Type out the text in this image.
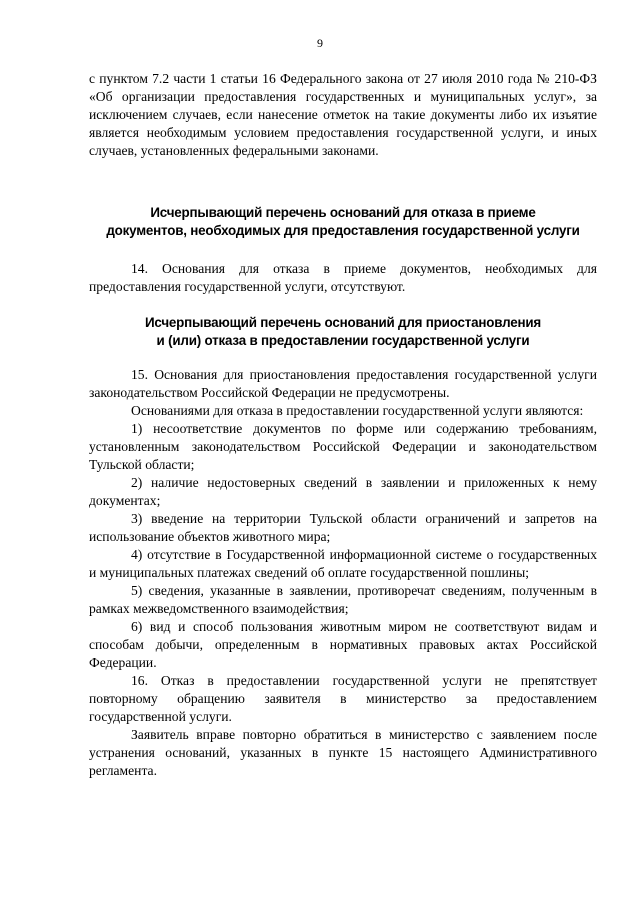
9

с пунктом 7.2 части 1 статьи 16 Федерального закона от 27 июля 2010 года № 210-ФЗ «Об организации предоставления государственных и муниципальных услуг», за исключением случаев, если нанесение отметок на такие документы либо их изъятие является необходимым условием предоставления государственной услуги, и иных случаев, установленных федеральными законами.

Исчерпывающий перечень оснований для отказа в приеме
документов, необходимых для предоставления государственной услуги

14. Основания для отказа в приеме документов, необходимых для предоставления государственной услуги, отсутствуют.

Исчерпывающий перечень оснований для приостановления
и (или) отказа в предоставлении государственной услуги

15. Основания для приостановления предоставления государственной услуги законодательством Российской Федерации не предусмотрены.

Основаниями для отказа в предоставлении государственной услуги являются:

1) несоответствие документов по форме или содержанию требованиям, установленным законодательством Российской Федерации и законодательством Тульской области;

2) наличие недостоверных сведений в заявлении и приложенных к нему документах;

3) введение на территории Тульской области ограничений и запретов на использование объектов животного мира;

4) отсутствие в Государственной информационной системе о государственных и муниципальных платежах сведений об оплате государственной пошлины;

5) сведения, указанные в заявлении, противоречат сведениям, полученным в рамках межведомственного взаимодействия;

6) вид и способ пользования животным миром не соответствуют видам и способам добычи, определенным в нормативных правовых актах Российской Федерации.

16. Отказ в предоставлении государственной услуги не препятствует повторному обращению заявителя в министерство за предоставлением государственной услуги.

Заявитель вправе повторно обратиться в министерство с заявлением после устранения оснований, указанных в пункте 15 настоящего Административного регламента.
